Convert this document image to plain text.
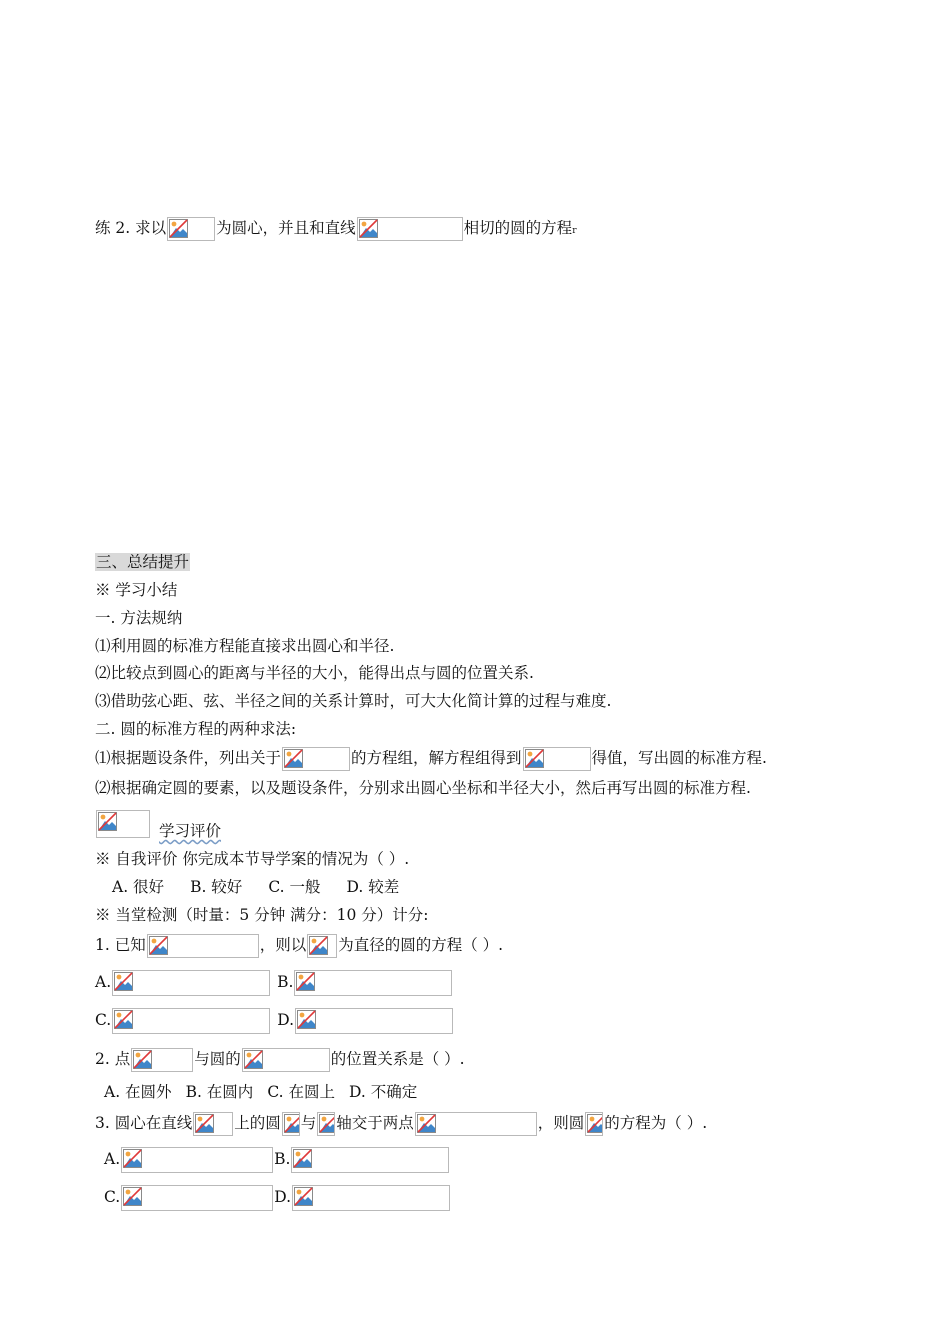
练 2. 求以	为圆心，并且和直线	相切的圆的方程r
三、总结提升
※ 学习小结
一. 方法规纳
⑴利用圆的标准方程能直接求出圆心和半径.
⑵比较点到圆心的距离与半径的大小，能得出点与圆的位置关系.
⑶借助弦心距、弦、半径之间的关系计算时，可大大化简计算的过程与难度.
二. 圆的标准方程的两种求法:
⑴根据题设条件，列出关于	的方程组，解方程组得到	得值，写出圆的标准方程.
⑵根据确定圆的要素，以及题设条件，分别求出圆心坐标和半径大小，然后再写出圆的标准方程.
学习评价
※ 自我评价 你完成本节导学案的情况为（ ）.
A. 很好 B. 较好 C. 一般 D. 较差
※ 当堂检测（时量：5 分钟 满分：10 分）计分:
1. 已知	，则以 为直径的圆的方程（ ）.
A.	B.
C.	D.
2. 点	与圆的	的位置关系是（ ）.
A. 在圆外 B. 在圆内 C. 在圆上 D. 不确定
3. 圆心在直线	上的圆 与 轴交于两点	，则圆 的方程为（ ）.
A.	B.
C.	D.
